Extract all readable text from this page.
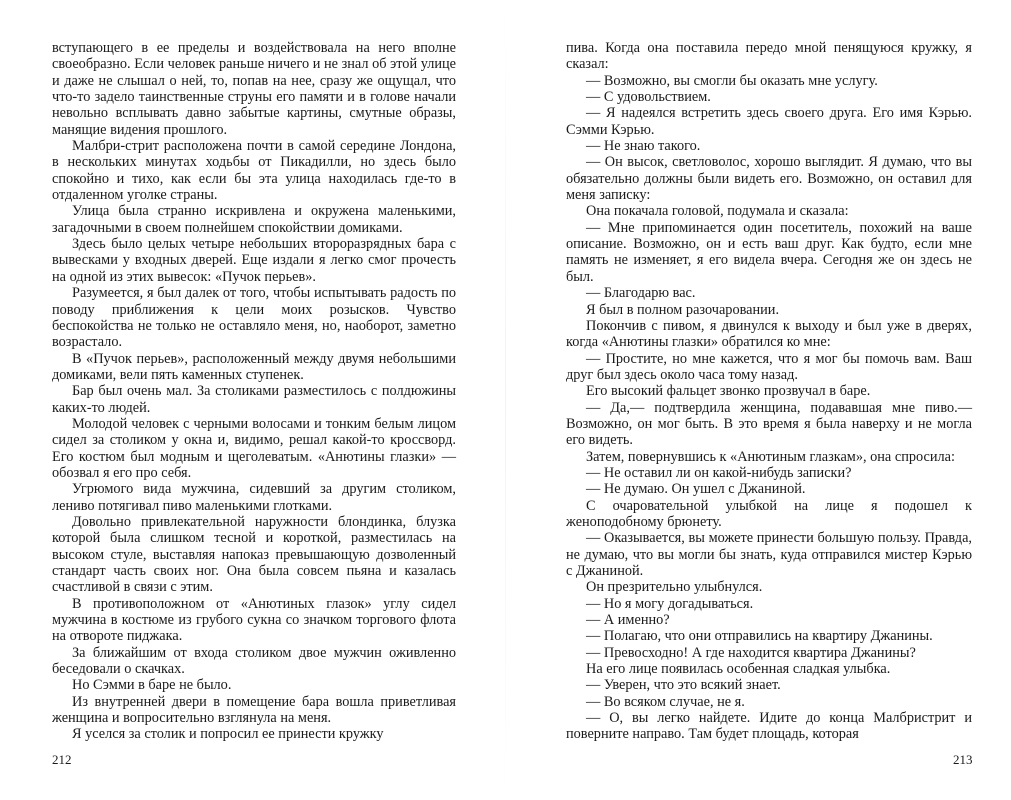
вступающего в ее пределы и воздействовала на него вполне своеобразно. Если человек раньше ничего и не знал об этой улице и даже не слышал о ней, то, попав на нее, сразу же ощущал, что что-то задело таинственные струны его памяти и в голове начали невольно всплывать давно забытые картины, смутные образы, манящие видения прошлого.

Малбри-стрит расположена почти в самой середине Лондона, в нескольких минутах ходьбы от Пикадилли, но здесь было спокойно и тихо, как если бы эта улица находилась где-то в отдаленном уголке страны.

Улица была странно искривлена и окружена маленькими, загадочными в своем полнейшем спокойствии домиками.

Здесь было целых четыре небольших второразрядных бара с вывесками у входных дверей. Еще издали я легко смог прочесть на одной из этих вывесок: «Пучок перьев».

Разумеется, я был далек от того, чтобы испытывать радость по поводу приближения к цели моих розысков. Чувство беспокойства не только не оставляло меня, но, наоборот, заметно возрастало.

В «Пучок перьев», расположенный между двумя небольшими домиками, вели пять каменных ступенек.

Бар был очень мал. За столиками разместилось с полдюжины каких-то людей.

Молодой человек с черными волосами и тонким белым лицом сидел за столиком у окна и, видимо, решал какой-то кроссворд. Его костюм был модным и щеголеватым. «Анютины глазки» — обозвал я его про себя.

Угрюмого вида мужчина, сидевший за другим столиком, лениво потягивал пиво маленькими глотками.

Довольно привлекательной наружности блондинка, блузка которой была слишком тесной и короткой, разместилась на высоком стуле, выставляя напоказ превышающую дозволенный стандарт часть своих ног. Она была совсем пьяна и казалась счастливой в связи с этим.

В противоположном от «Анютиных глазок» углу сидел мужчина в костюме из грубого сукна со значком торгового флота на отвороте пиджака.

За ближайшим от входа столиком двое мужчин оживленно беседовали о скачках.

Но Сэмми в баре не было.

Из внутренней двери в помещение бара вошла приветливая женщина и вопросительно взглянула на меня.

Я уселся за столик и попросил ее принести кружку

пива. Когда она поставила передо мной пенящуюся кружку, я сказал:

— Возможно, вы смогли бы оказать мне услугу.

— С удовольствием.

— Я надеялся встретить здесь своего друга. Его имя Кэрью. Сэмми Кэрью.

— Не знаю такого.

— Он высок, светловолос, хорошо выглядит. Я думаю, что вы обязательно должны были видеть его. Возможно, он оставил для меня записку:

Она покачала головой, подумала и сказала:

— Мне припоминается один посетитель, похожий на ваше описание. Возможно, он и есть ваш друг. Как будто, если мне память не изменяет, я его видела вчера. Сегодня же он здесь не был.

— Благодарю вас.

Я был в полном разочаровании.

Покончив с пивом, я двинулся к выходу и был уже в дверях, когда «Анютины глазки» обратился ко мне:

— Простите, но мне кажется, что я мог бы помочь вам. Ваш друг был здесь около часа тому назад.

Его высокий фальцет звонко прозвучал в баре.

— Да,— подтвердила женщина, подававшая мне пиво.— Возможно, он мог быть. В это время я была наверху и не могла его видеть.

Затем, повернувшись к «Анютиным глазкам», она спросила:

— Не оставил ли он какой-нибудь записки?

— Не думаю. Он ушел с Джаниной.

С очаровательной улыбкой на лице я подошел к женоподобному брюнету.

— Оказывается, вы можете принести большую пользу. Правда, не думаю, что вы могли бы знать, куда отправился мистер Кэрью с Джаниной.

Он презрительно улыбнулся.

— Но я могу догадываться.

— А именно?

— Полагаю, что они отправились на квартиру Джанины.

— Превосходно! А где находится квартира Джанины?

На его лице появилась особенная сладкая улыбка.

— Уверен, что это всякий знает.

— Во всяком случае, не я.

— О, вы легко найдете. Идите до конца Малбристрит и поверните направо. Там будет площадь, которая

212	213
